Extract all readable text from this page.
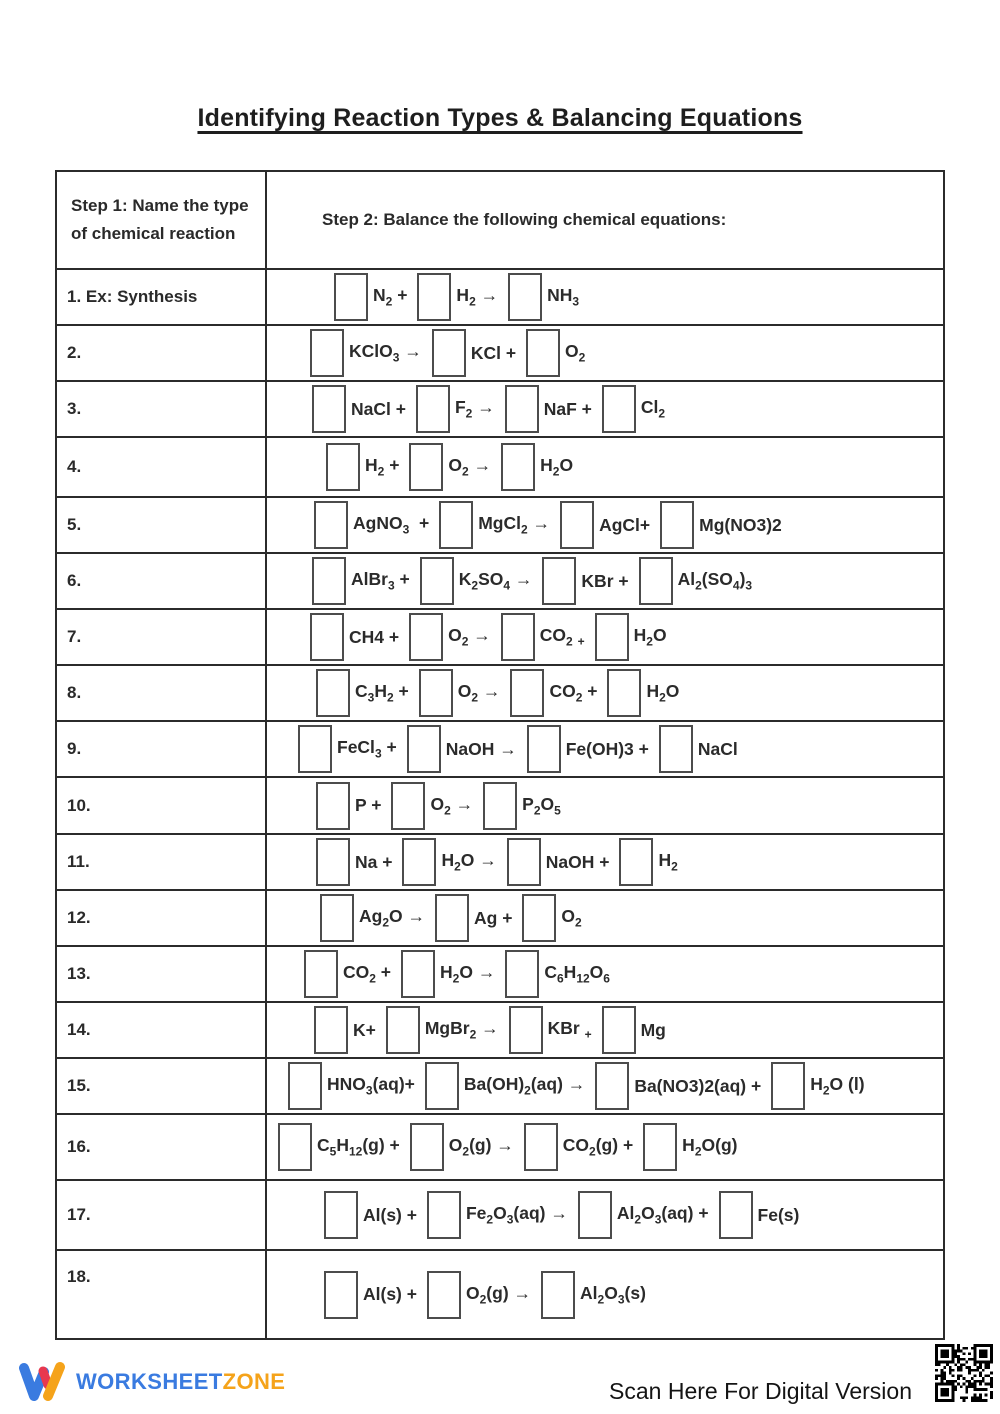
Identifying Reaction Types & Balancing Equations
Step 1: Name the type of chemical reaction	Step 2: Balance the following chemical equations:
1. Ex: Synthesis	$N_2 + H_2 \to NH_3$

2.	KClO$_3$ → KCl + $O_2$

3.	NaCl + $F_2$ → NaF + $Cl_2$

4.	$H_2 + O_2 \to H_2O$

5.	AgNO$_3$  + MgCl$_2$ → AgCl+ Mg(NO3)2

6.	AlBr$_3$ + $K_2SO_4$ → KBr + $Al_2(SO_4)_3$

7.	$CH4 + O_2 \to CO_2$ $_+$ $H_2O$

8.	$C_3H_2 + O_2 \to CO_2 + H_2O$

9.	FeCl$_3$ + NaOH → Fe(OH)3 + NaCl

10.	$P + O_2 \to P_2O_5$

11.	$Na + H_2O$ → NaOH + $H_2$

12.	$Ag_2O \to Ag + O_2$

13.	$CO_2 + H_2O \to C_6H_{12}O_6$

14.	K+ MgBr$_2$ → KBr $_+$ Mg

15.	$HNO_3(aq)+ Ba(OH)_2(aq) \to Ba(NO3)2(aq) + H_2O$ (l)

16.	$C_5H_{12}(g) + O_2(g) \to CO_2(g) + H_2O(g)$

17.	$Al(s) + Fe_2O_3(aq) \to Al_2O_3(aq) + Fe(s)$

18.	$Al(s) + O_2(g) \to Al_2O_3(s)$
WORKSHEET ZONE	Scan Here For Digital Version
